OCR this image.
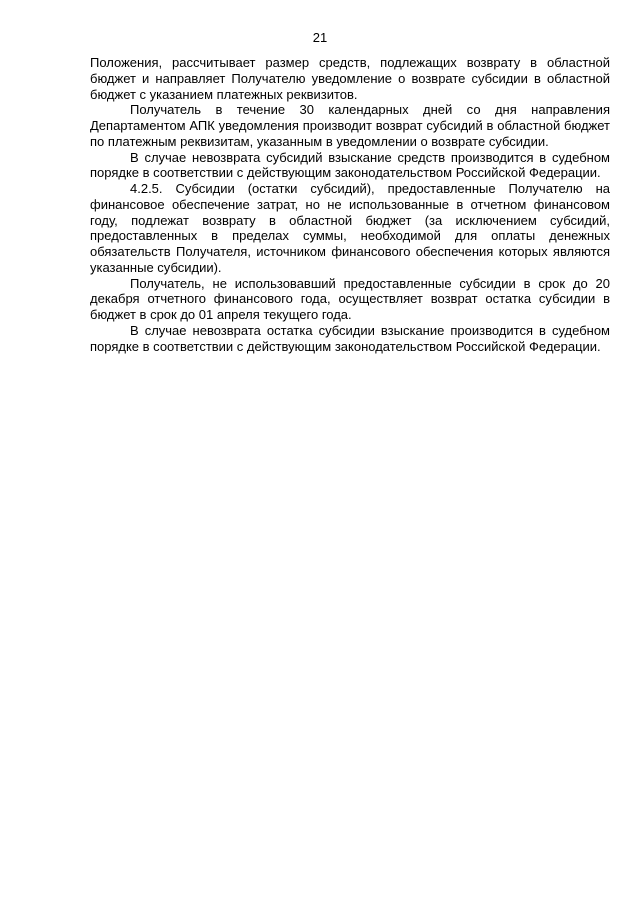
21

Положения, рассчитывает размер средств, подлежащих возврату в областной бюджет и направляет Получателю уведомление о возврате субсидии в областной бюджет с указанием платежных реквизитов.

Получатель в течение 30 календарных дней со дня направления Департаментом АПК уведомления производит возврат субсидий в областной бюджет по платежным реквизитам, указанным в уведомлении о возврате субсидии.

В случае невозврата субсидий взыскание средств производится в судебном порядке в соответствии с действующим законодательством Российской Федерации.

4.2.5. Субсидии (остатки субсидий), предоставленные Получателю на финансовое обеспечение затрат, но не использованные в отчетном финансовом году, подлежат возврату в областной бюджет (за исключением субсидий, предоставленных в пределах суммы, необходимой для оплаты денежных обязательств Получателя, источником финансового обеспечения которых являются указанные субсидии).

Получатель, не использовавший предоставленные субсидии в срок до 20 декабря отчетного финансового года, осуществляет возврат остатка субсидии в бюджет в срок до 01 апреля текущего года.

В случае невозврата остатка субсидии взыскание производится в судебном порядке в соответствии с действующим законодательством Российской Федерации.
